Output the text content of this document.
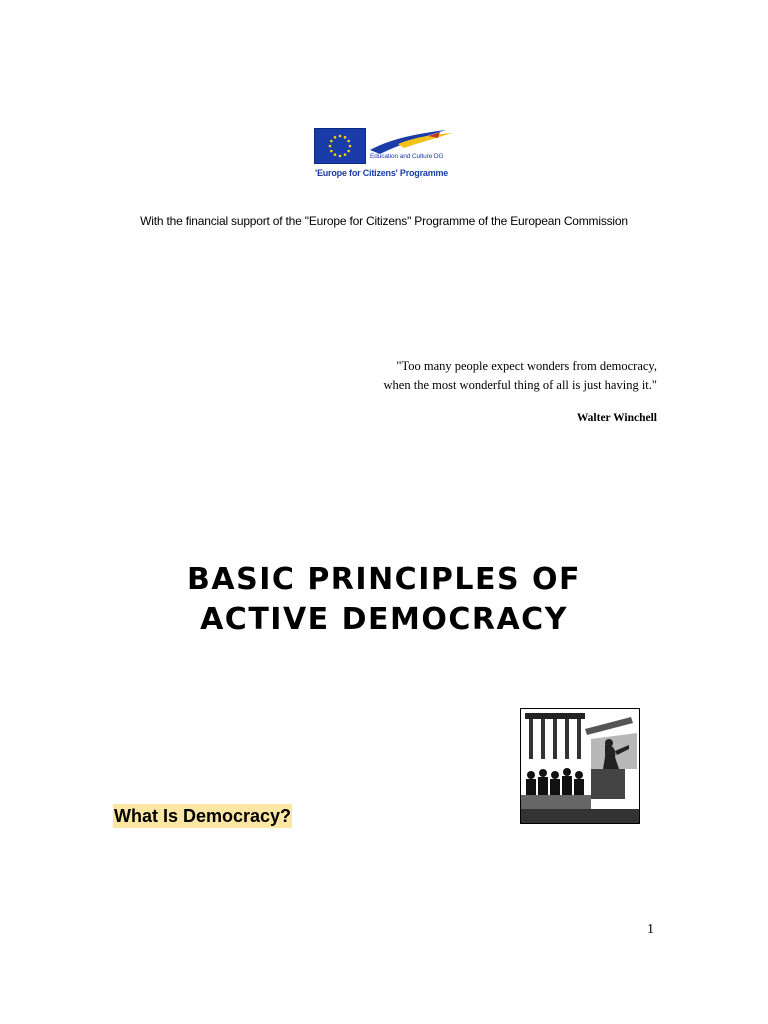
Education and Culture DG
'Europe for Citizens' Programme
With the financial support of the "Europe for Citizens" Programme of the European Commission
"Too many people expect wonders from democracy,
when the most wonderful thing of all is just having it."
Walter Winchell
BASIC PRINCIPLES OF
ACTIVE DEMOCRACY
What Is Democracy?
1
